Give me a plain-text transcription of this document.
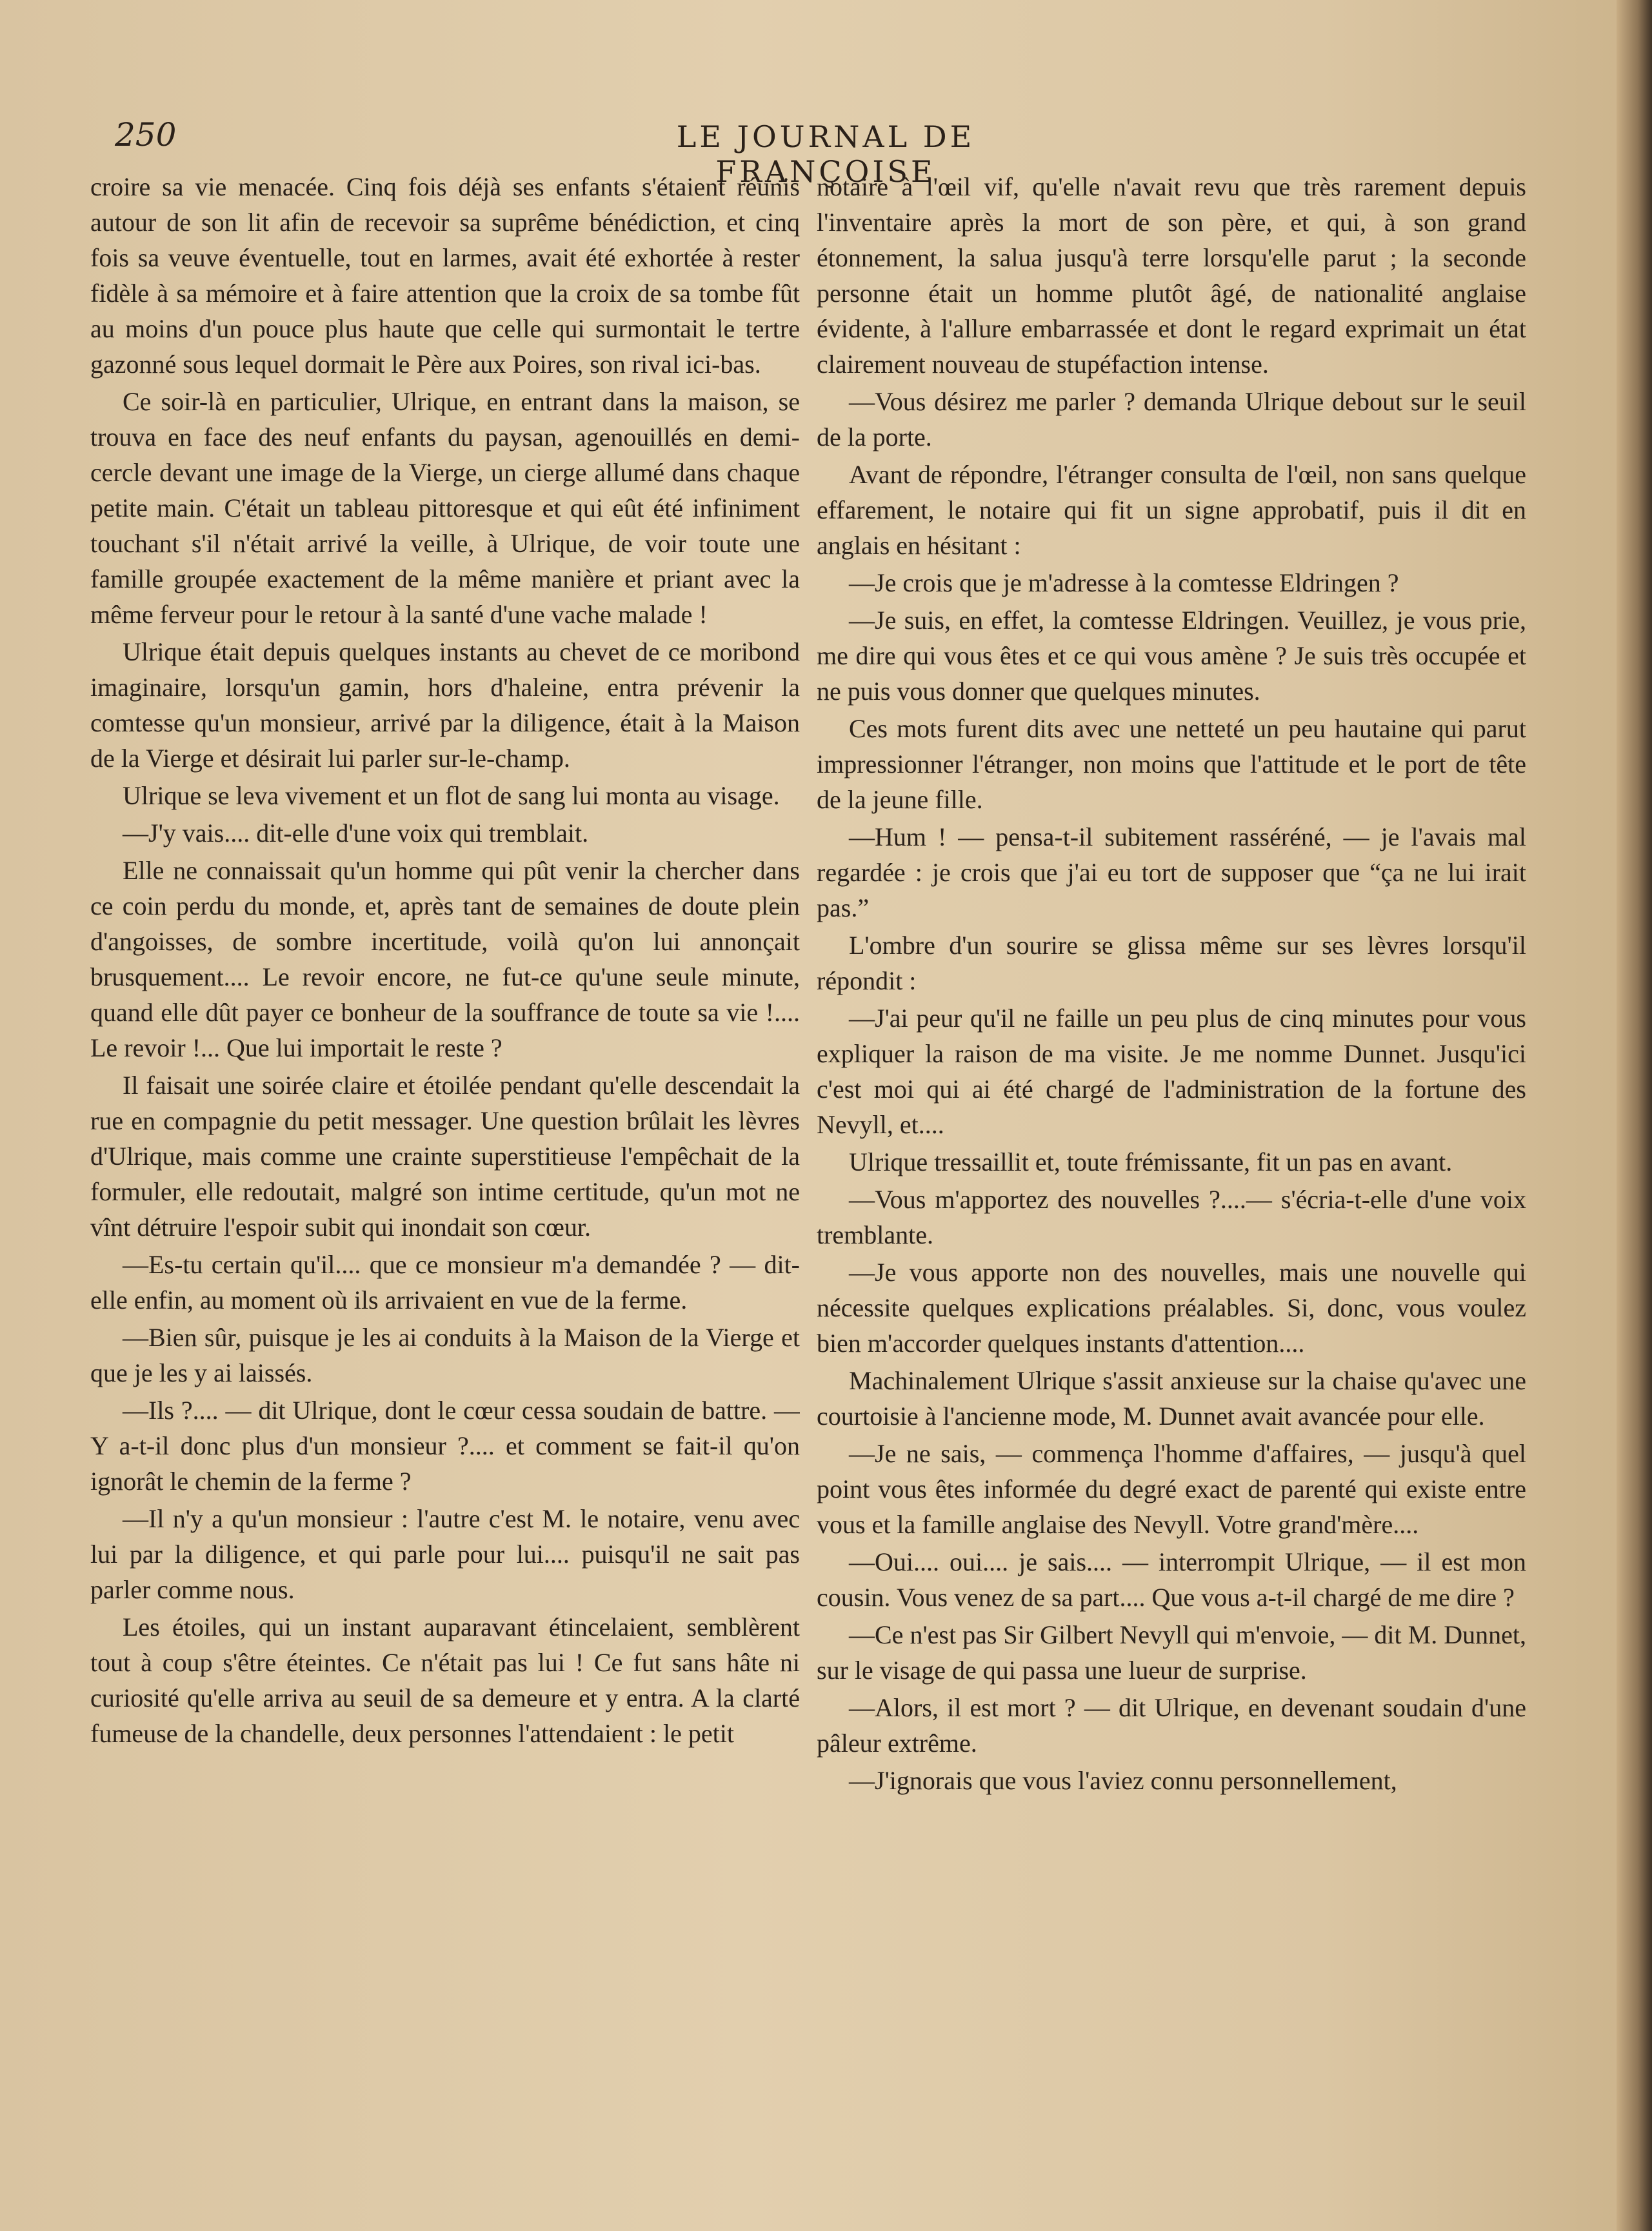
250	LE JOURNAL DE FRANÇOISE

croire sa vie menacée. Cinq fois déjà ses enfants s'étaient réunis autour de son lit afin de recevoir sa suprême bénédiction, et cinq fois sa veuve éventuelle, tout en larmes, avait été exhortée à rester fidèle à sa mémoire et à faire attention que la croix de sa tombe fût au moins d'un pouce plus haute que celle qui surmontait le tertre gazonné sous lequel dormait le Père aux Poires, son rival ici-bas.

Ce soir-là en particulier, Ulrique, en entrant dans la maison, se trouva en face des neuf enfants du paysan, agenouillés en demi-cercle devant une image de la Vierge, un cierge allumé dans chaque petite main. C'était un tableau pittoresque et qui eût été infiniment touchant s'il n'était arrivé la veille, à Ulrique, de voir toute une famille groupée exactement de la même manière et priant avec la même ferveur pour le retour à la santé d'une vache malade !

Ulrique était depuis quelques instants au chevet de ce moribond imaginaire, lorsqu'un gamin, hors d'haleine, entra prévenir la comtesse qu'un monsieur, arrivé par la diligence, était à la Maison de la Vierge et désirait lui parler sur-le-champ.

Ulrique se leva vivement et un flot de sang lui monta au visage.

—J'y vais.... dit-elle d'une voix qui tremblait.

Elle ne connaissait qu'un homme qui pût venir la chercher dans ce coin perdu du monde, et, après tant de semaines de doute plein d'angoisses, de sombre incertitude, voilà qu'on lui annonçait brusquement.... Le revoir encore, ne fut-ce qu'une seule minute, quand elle dût payer ce bonheur de la souffrance de toute sa vie !.... Le revoir !... Que lui importait le reste ?

Il faisait une soirée claire et étoilée pendant qu'elle descendait la rue en compagnie du petit messager. Une question brûlait les lèvres d'Ulrique, mais comme une crainte superstitieuse l'empêchait de la formuler, elle redoutait, malgré son intime certitude, qu'un mot ne vînt détruire l'espoir subit qui inondait son cœur.

—Es-tu certain qu'il.... que ce monsieur m'a demandée ? — dit-elle enfin, au moment où ils arrivaient en vue de la ferme.

—Bien sûr, puisque je les ai conduits à la Maison de la Vierge et que je les y ai laissés.

—Ils ?.... — dit Ulrique, dont le cœur cessa soudain de battre. — Y a-t-il donc plus d'un monsieur ?.... et comment se fait-il qu'on ignorât le chemin de la ferme ?

—Il n'y a qu'un monsieur : l'autre c'est M. le notaire, venu avec lui par la diligence, et qui parle pour lui.... puisqu'il ne sait pas parler comme nous.

Les étoiles, qui un instant auparavant étincelaient, semblèrent tout à coup s'être éteintes. Ce n'était pas lui ! Ce fut sans hâte ni curiosité qu'elle arriva au seuil de sa demeure et y entra. A la clarté fumeuse de la chandelle, deux personnes l'attendaient : le petit

notaire à l'œil vif, qu'elle n'avait revu que très rarement depuis l'inventaire après la mort de son père, et qui, à son grand étonnement, la salua jusqu'à terre lorsqu'elle parut ; la seconde personne était un homme plutôt âgé, de nationalité anglaise évidente, à l'allure embarrassée et dont le regard exprimait un état clairement nouveau de stupéfaction intense.

—Vous désirez me parler ? demanda Ulrique debout sur le seuil de la porte.

Avant de répondre, l'étranger consulta de l'œil, non sans quelque effarement, le notaire qui fit un signe approbatif, puis il dit en anglais en hésitant :

—Je crois que je m'adresse à la comtesse Eldringen ?

—Je suis, en effet, la comtesse Eldringen. Veuillez, je vous prie, me dire qui vous êtes et ce qui vous amène ? Je suis très occupée et ne puis vous donner que quelques minutes.

Ces mots furent dits avec une netteté un peu hautaine qui parut impressionner l'étranger, non moins que l'attitude et le port de tête de la jeune fille.

—Hum ! — pensa-t-il subitement rasséréné, — je l'avais mal regardée : je crois que j'ai eu tort de supposer que “ça ne lui irait pas.”

L'ombre d'un sourire se glissa même sur ses lèvres lorsqu'il répondit :

—J'ai peur qu'il ne faille un peu plus de cinq minutes pour vous expliquer la raison de ma visite. Je me nomme Dunnet. Jusqu'ici c'est moi qui ai été chargé de l'administration de la fortune des Nevyll, et....

Ulrique tressaillit et, toute frémissante, fit un pas en avant.

—Vous m'apportez des nouvelles ?....— s'écria-t-elle d'une voix tremblante.

—Je vous apporte non des nouvelles, mais une nouvelle qui nécessite quelques explications préalables. Si, donc, vous voulez bien m'accorder quelques instants d'attention....

Machinalement Ulrique s'assit anxieuse sur la chaise qu'avec une courtoisie à l'ancienne mode, M. Dunnet avait avancée pour elle.

—Je ne sais, — commença l'homme d'affaires, — jusqu'à quel point vous êtes informée du degré exact de parenté qui existe entre vous et la famille anglaise des Nevyll. Votre grand'mère....

—Oui.... oui.... je sais.... — interrompit Ulrique, — il est mon cousin. Vous venez de sa part.... Que vous a-t-il chargé de me dire ?

—Ce n'est pas Sir Gilbert Nevyll qui m'envoie, — dit M. Dunnet, sur le visage de qui passa une lueur de surprise.

—Alors, il est mort ? — dit Ulrique, en devenant soudain d'une pâleur extrême.

—J'ignorais que vous l'aviez connu personnellement,
